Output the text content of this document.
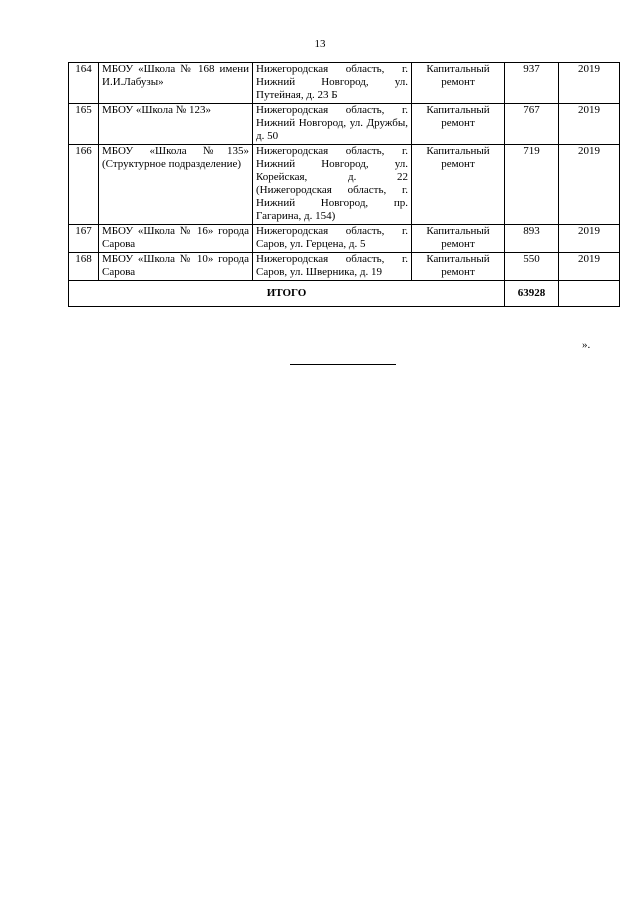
13
164	МБОУ «Школа № 168 имени И.И.Лабузы»	Нижегородская область, г. Нижний Новгород, ул. Путейная, д. 23 Б	Капитальный ремонт	937	2019
165	МБОУ «Школа № 123»	Нижегородская область, г. Нижний Новгород, ул. Дружбы, д. 50	Капитальный ремонт	767	2019
166	МБОУ «Школа №135» (Структурное подразделение)	Нижегородская область, г. Нижний Новгород, ул. Корейская, д. 22 (Нижегородская область, г. Нижний Новгород, пр. Гагарина, д. 154)	Капитальный ремонт	719	2019
167	МБОУ «Школа № 16» города Сарова	Нижегородская область, г. Саров, ул. Герцена, д. 5	Капитальный ремонт	893	2019
168	МБОУ «Школа № 10» города Сарова	Нижегородская область, г. Саров, ул. Шверника, д. 19	Капитальный ремонт	550	2019
ИТОГО				63928	
».
